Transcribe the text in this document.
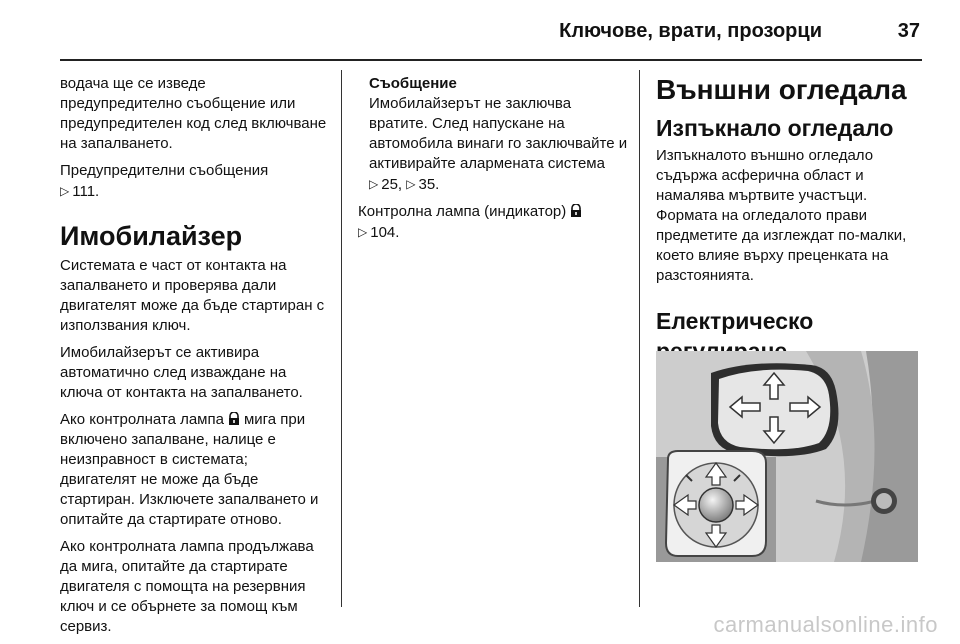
Ключове, врати, прозорци	37

водача ще се изведе предупредително съобщение или предупредителен код след включване на запалването.

Предупредителни съобщения
▷ 111.

Имобилайзер

Системата е част от контакта на запалването и проверява дали двигателят може да бъде стартиран с използвания ключ.

Имобилайзерът се активира автоматично след изваждане на ключа от контакта на запалването.

Ако контролната лампа мига при включено запалване, налице е неизправност в системата; двигателят не може да бъде стартиран. Изключете запалването и опитайте да стартирате отново.

Ако контролната лампа продължава да мига, опитайте да стартирате двигателя с помощта на резервния ключ и се обърнете за помощ към сервиз.

Съобщение
Имобилайзерът не заключва вратите. След напускане на автомобила винаги го заключвайте и активирайте алармената система ▷ 25, ▷ 35.

Контролна лампа (индикатор)
▷ 104.

Външни огледала
Изпъкнало огледало

Изпъкналото външно огледало съдържа асферична област и намалява мъртвите участъци. Формата на огледалото прави предметите да изглеждат по-малки, което влияе върху преценката на разстоянията.

Електрическо
carmanualsonline.info
